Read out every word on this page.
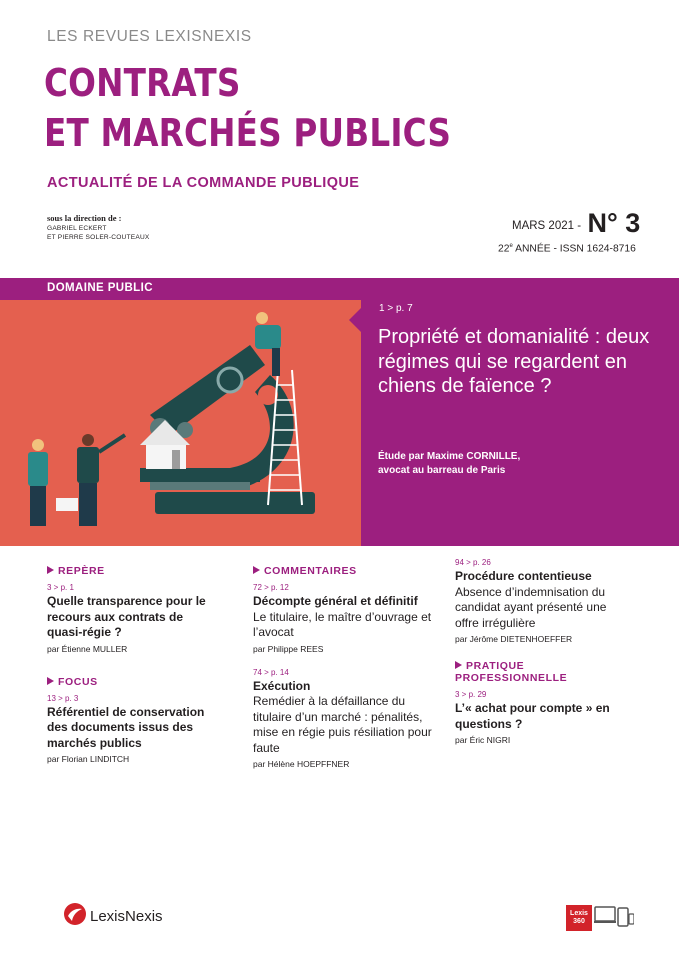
LES REVUES LEXISNEXIS
CONTRATS
ET MARCHÉS PUBLICS
ACTUALITÉ DE LA COMMANDE PUBLIQUE
sous la direction de :
GABRIEL ECKERT
ET PIERRE SOLER-COUTEAUX
MARS 2021 - N° 3
22e ANNÉE - ISSN 1624-8716
DOMAINE PUBLIC
1 > p. 7
Propriété et domanialité : deux régimes qui se regardent en chiens de faïence ?
Étude par Maxime CORNILLE,
avocat au barreau de Paris
REPÈRE
3 > p. 1
Quelle transparence pour le recours aux contrats de quasi-régie ?
par Étienne MULLER
FOCUS
13 > p. 3
Référentiel de conservation des documents issus des marchés publics
par Florian LINDITCH
COMMENTAIRES
72 > p. 12
Décompte général et définitif
Le titulaire, le maître d’ouvrage et l’avocat
par Philippe REES
74 > p. 14
Exécution
Remédier à la défaillance du titulaire d’un marché : pénalités, mise en régie puis résiliation pour faute
par Hélène HOEPFFNER
94 > p. 26
Procédure contentieuse
Absence d’indemnisation du candidat ayant présenté une offre irrégulière
par Jérôme DIETENHOEFFER
PRATIQUE
PROFESSIONNELLE
3 > p. 29
L’« achat pour compte » en questions ?
par Éric NIGRI
LexisNexis	Lexis
360
